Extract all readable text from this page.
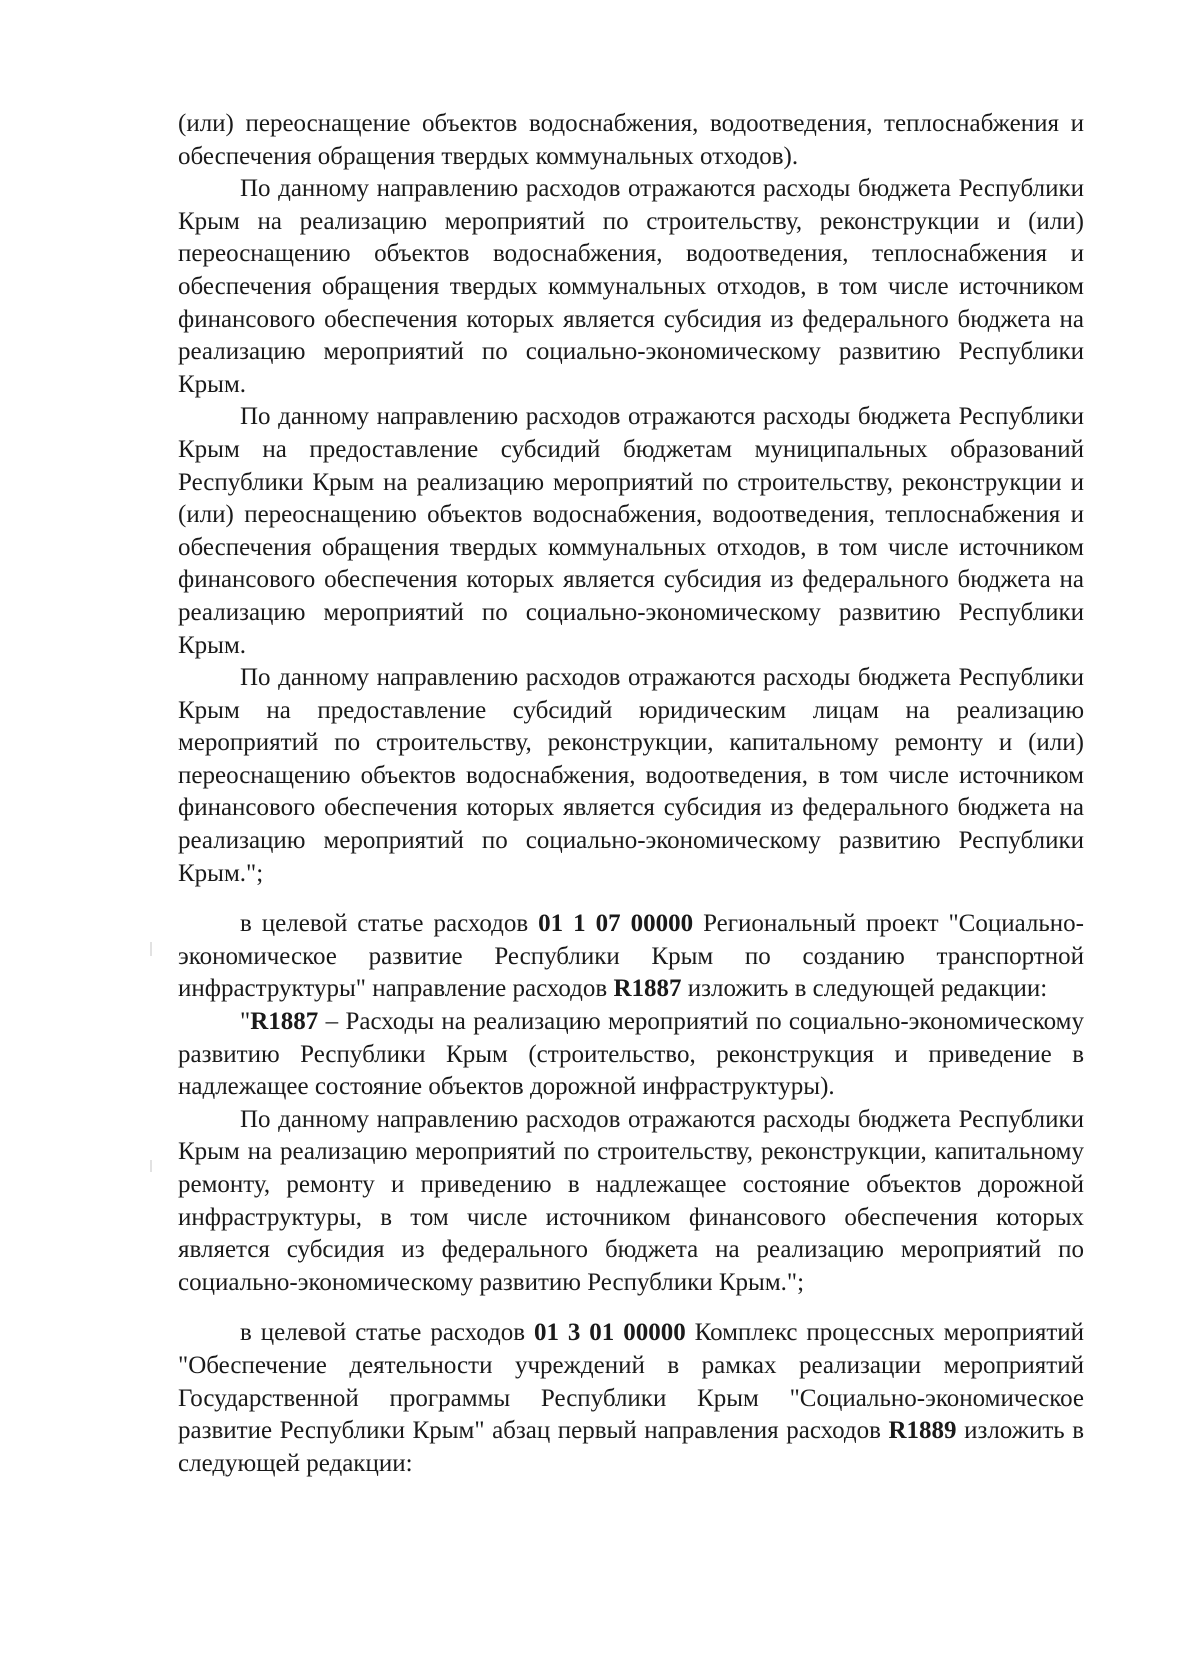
(или) переоснащение объектов водоснабжения, водоотведения, теплоснабжения и обеспечения обращения твердых коммунальных отходов).

По данному направлению расходов отражаются расходы бюджета Республики Крым на реализацию мероприятий по строительству, реконструкции и (или) переоснащению объектов водоснабжения, водоотведения, теплоснабжения и обеспечения обращения твердых коммунальных отходов, в том числе источником финансового обеспечения которых является субсидия из федерального бюджета на реализацию мероприятий по социально-экономическому развитию Республики Крым.

По данному направлению расходов отражаются расходы бюджета Республики Крым на предоставление субсидий бюджетам муниципальных образований Республики Крым на реализацию мероприятий по строительству, реконструкции и (или) переоснащению объектов водоснабжения, водоотведения, теплоснабжения и обеспечения обращения твердых коммунальных отходов, в том числе источником финансового обеспечения которых является субсидия из федерального бюджета на реализацию мероприятий по социально-экономическому развитию Республики Крым.

По данному направлению расходов отражаются расходы бюджета Республики Крым на предоставление субсидий юридическим лицам на реализацию мероприятий по строительству, реконструкции, капитальному ремонту и (или) переоснащению объектов водоснабжения, водоотведения, в том числе источником финансового обеспечения которых является субсидия из федерального бюджета на реализацию мероприятий по социально-экономическому развитию Республики Крым.";

в целевой статье расходов 01 1 07 00000 Региональный проект "Социально-экономическое развитие Республики Крым по созданию транспортной инфраструктуры" направление расходов R1887 изложить в следующей редакции:

"R1887 – Расходы на реализацию мероприятий по социально-экономическому развитию Республики Крым (строительство, реконструкция и приведение в надлежащее состояние объектов дорожной инфраструктуры).

По данному направлению расходов отражаются расходы бюджета Республики Крым на реализацию мероприятий по строительству, реконструкции, капитальному ремонту, ремонту и приведению в надлежащее состояние объектов дорожной инфраструктуры, в том числе источником финансового обеспечения которых является субсидия из федерального бюджета на реализацию мероприятий по социально-экономическому развитию Республики Крым.";

в целевой статье расходов 01 3 01 00000 Комплекс процессных мероприятий "Обеспечение деятельности учреждений в рамках реализации мероприятий Государственной программы Республики Крым "Социально-экономическое развитие Республики Крым" абзац первый направления расходов R1889 изложить в следующей редакции:
